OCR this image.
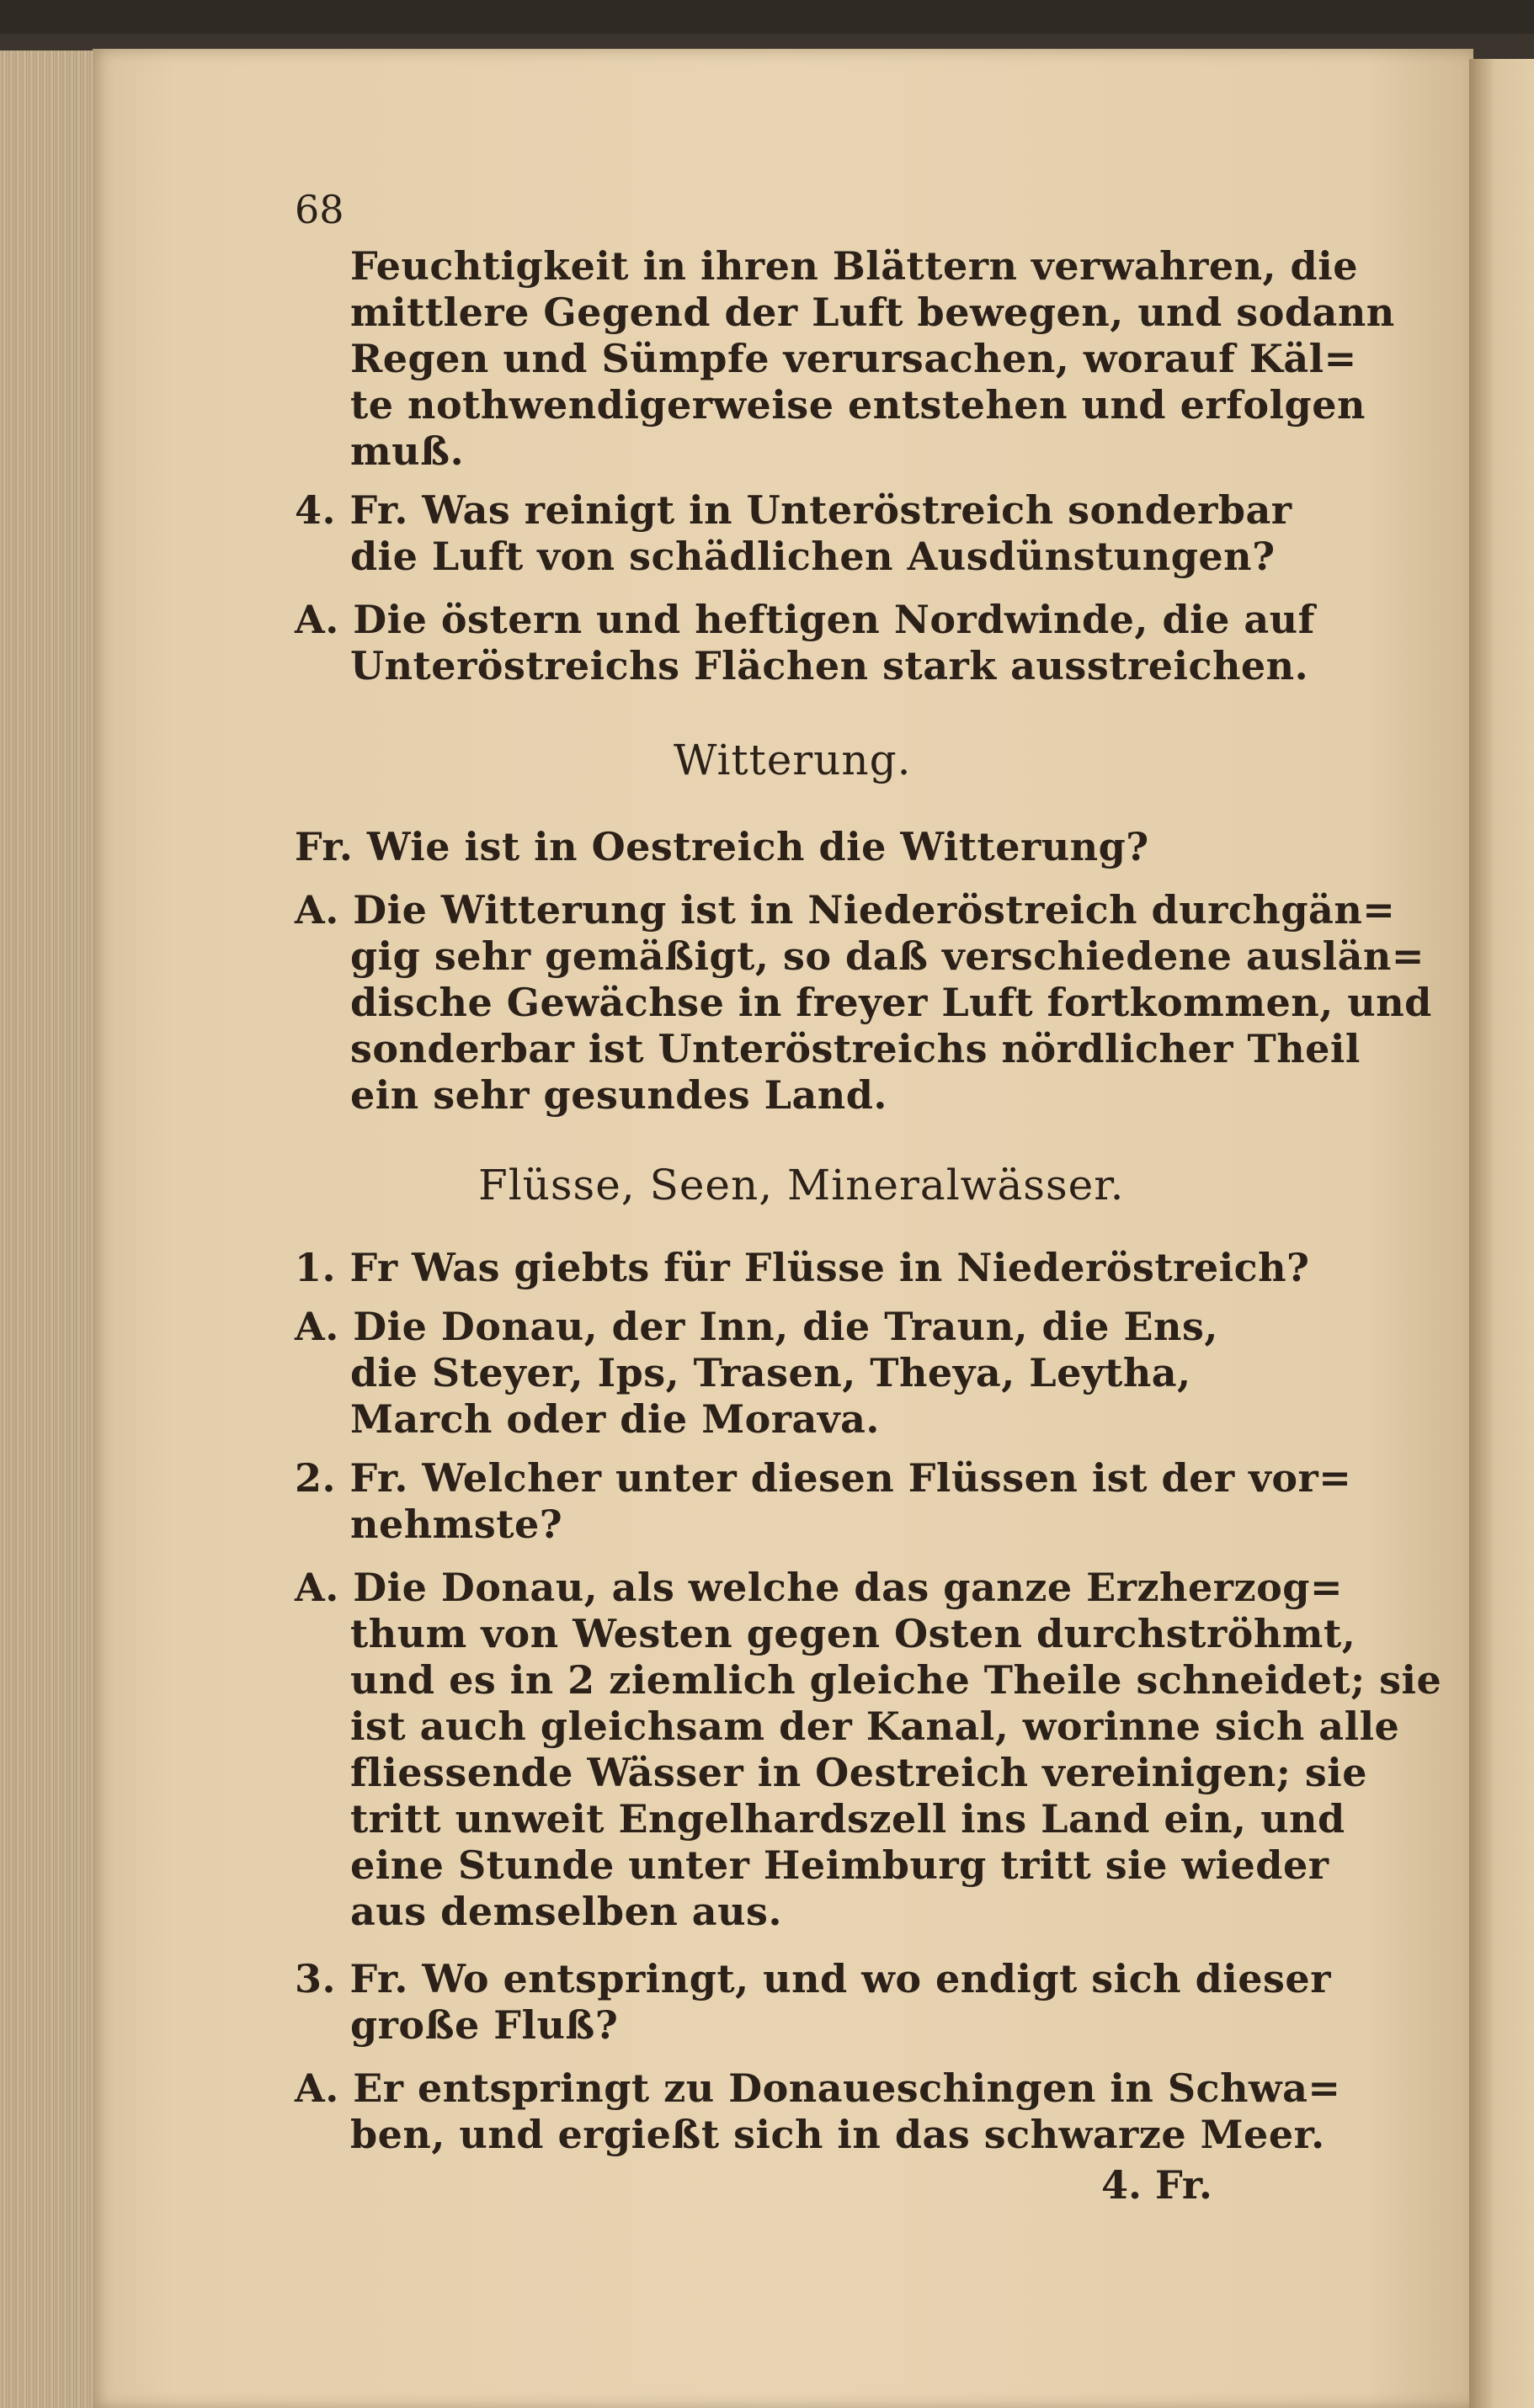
68
Feuchtigkeit in ihren Blättern verwahren, die
mittlere Gegend der Luft bewegen, und sodann
Regen und Sümpfe verursachen, worauf Käl=
te nothwendigerweise entstehen und erfolgen
muß.
4. Fr. Was reinigt in Unteröstreich sonderbar
die Luft von schädlichen Ausdünstungen?
A. Die östern und heftigen Nordwinde, die auf
Unteröstreichs Flächen stark ausstreichen.
Witterung.
Fr. Wie ist in Oestreich die Witterung?
A. Die Witterung ist in Niederöstreich durchgän=
gig sehr gemäßigt, so daß verschiedene auslän=
dische Gewächse in freyer Luft fortkommen, und
sonderbar ist Unteröstreichs nördlicher Theil
ein sehr gesundes Land.
Flüsse, Seen, Mineralwässer.
1. Fr Was giebts für Flüsse in Niederöstreich?
A. Die Donau, der Inn, die Traun, die Ens,
die Steyer, Ips, Trasen, Theya, Leytha,
March oder die Morava.
2. Fr. Welcher unter diesen Flüssen ist der vor=
nehmste?
A. Die Donau, als welche das ganze Erzherzog=
thum von Westen gegen Osten durchströhmt,
und es in 2 ziemlich gleiche Theile schneidet; sie
ist auch gleichsam der Kanal, worinne sich alle
fliessende Wässer in Oestreich vereinigen; sie
tritt unweit Engelhardszell ins Land ein, und
eine Stunde unter Heimburg tritt sie wieder
aus demselben aus.
3. Fr. Wo entspringt, und wo endigt sich dieser
große Fluß?
A. Er entspringt zu Donaueschingen in Schwa=
ben, und ergießt sich in das schwarze Meer.
4. Fr.
